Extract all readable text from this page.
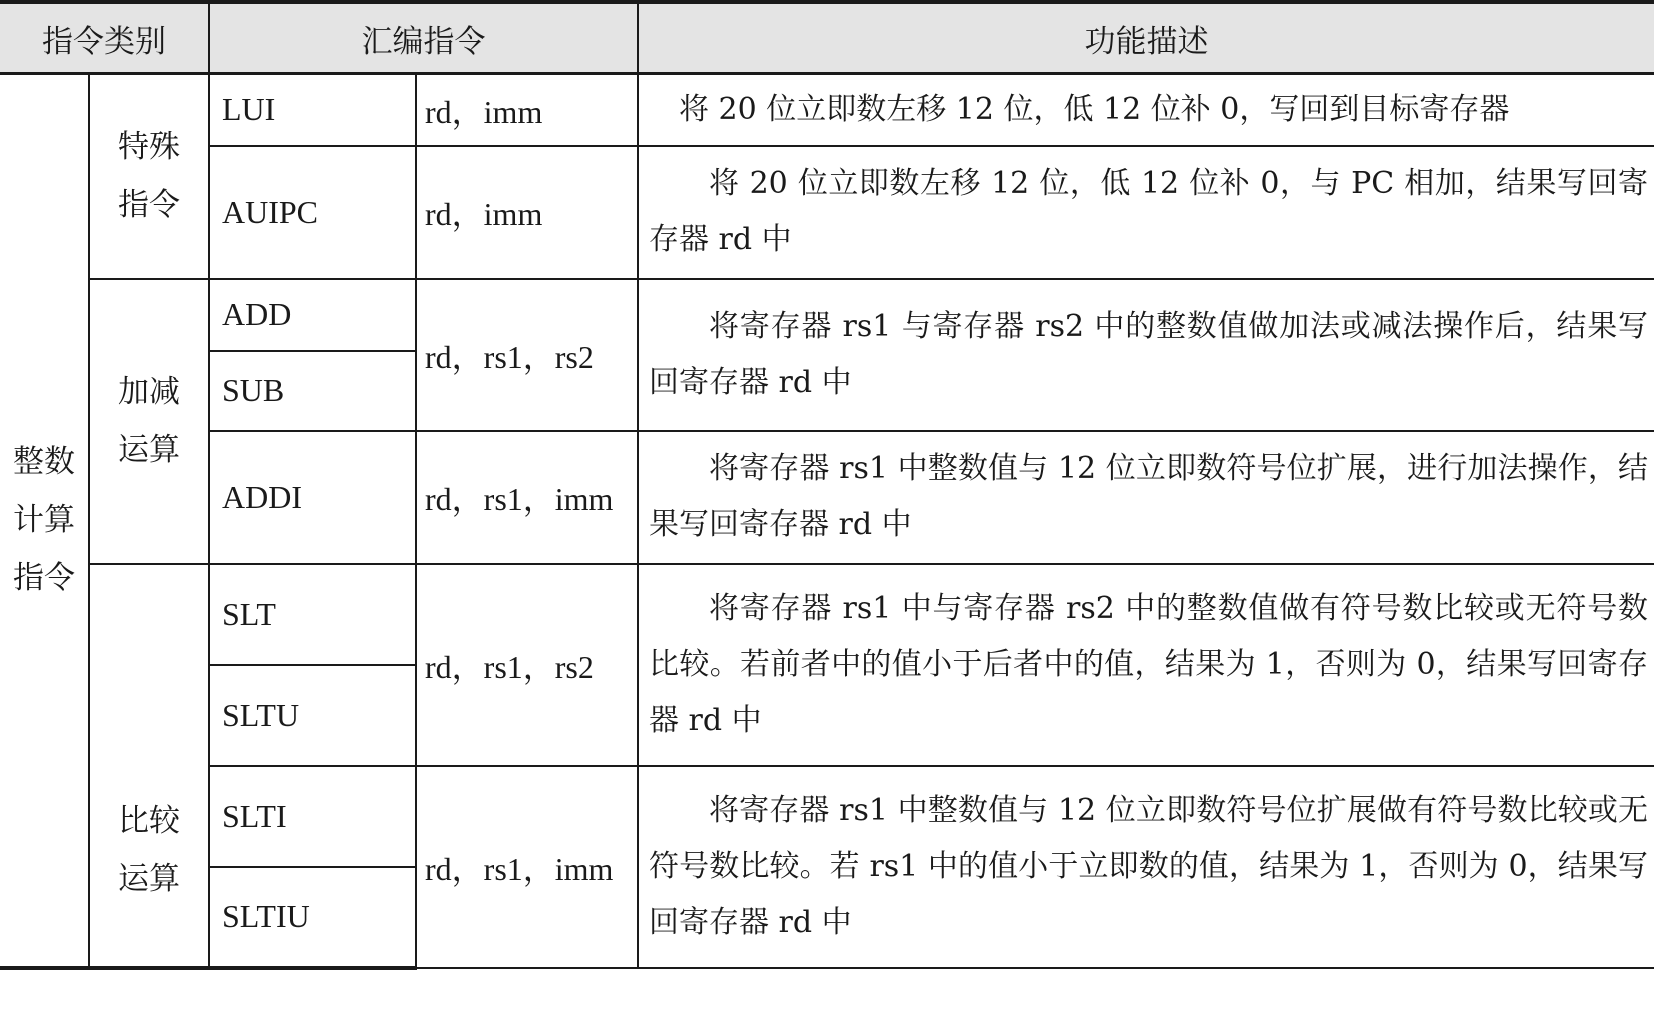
指令类别		汇编指令		功能描述

整数计算指令	特殊指令	LUI	rd，imm	将 20 位立即数左移 12 位，低 12 位补 0，写回到目标寄存器
		AUIPC	rd，imm	将 20 位立即数左移 12 位，低 12 位补 0，与 PC 相加，结果写回寄存器 rd 中

	加减运算	ADD	rd，rs1，rs2	将寄存器 rs1 与寄存器 rs2 中的整数值做加法或减法操作后，结果写回寄存器 rd 中
		SUB		
		ADDI	rd，rs1，imm	将寄存器 rs1 中整数值与 12 位立即数符号位扩展，进行加法操作，结果写回寄存器 rd 中

	比较运算	SLT	rd，rs1，rs2	将寄存器 rs1 中与寄存器 rs2 中的整数值做有符号数比较或无符号数比较。若前者中的值小于后者中的值，结果为 1，否则为 0，结果写回寄存器 rd 中
		SLTU		
		SLTI	rd，rs1，imm	将寄存器 rs1 中整数值与 12 位立即数符号位扩展做有符号数比较或无符号数比较。若 rs1 中的值小于立即数的值，结果为 1，否则为 0，结果写回寄存器 rd 中
		SLTIU		
